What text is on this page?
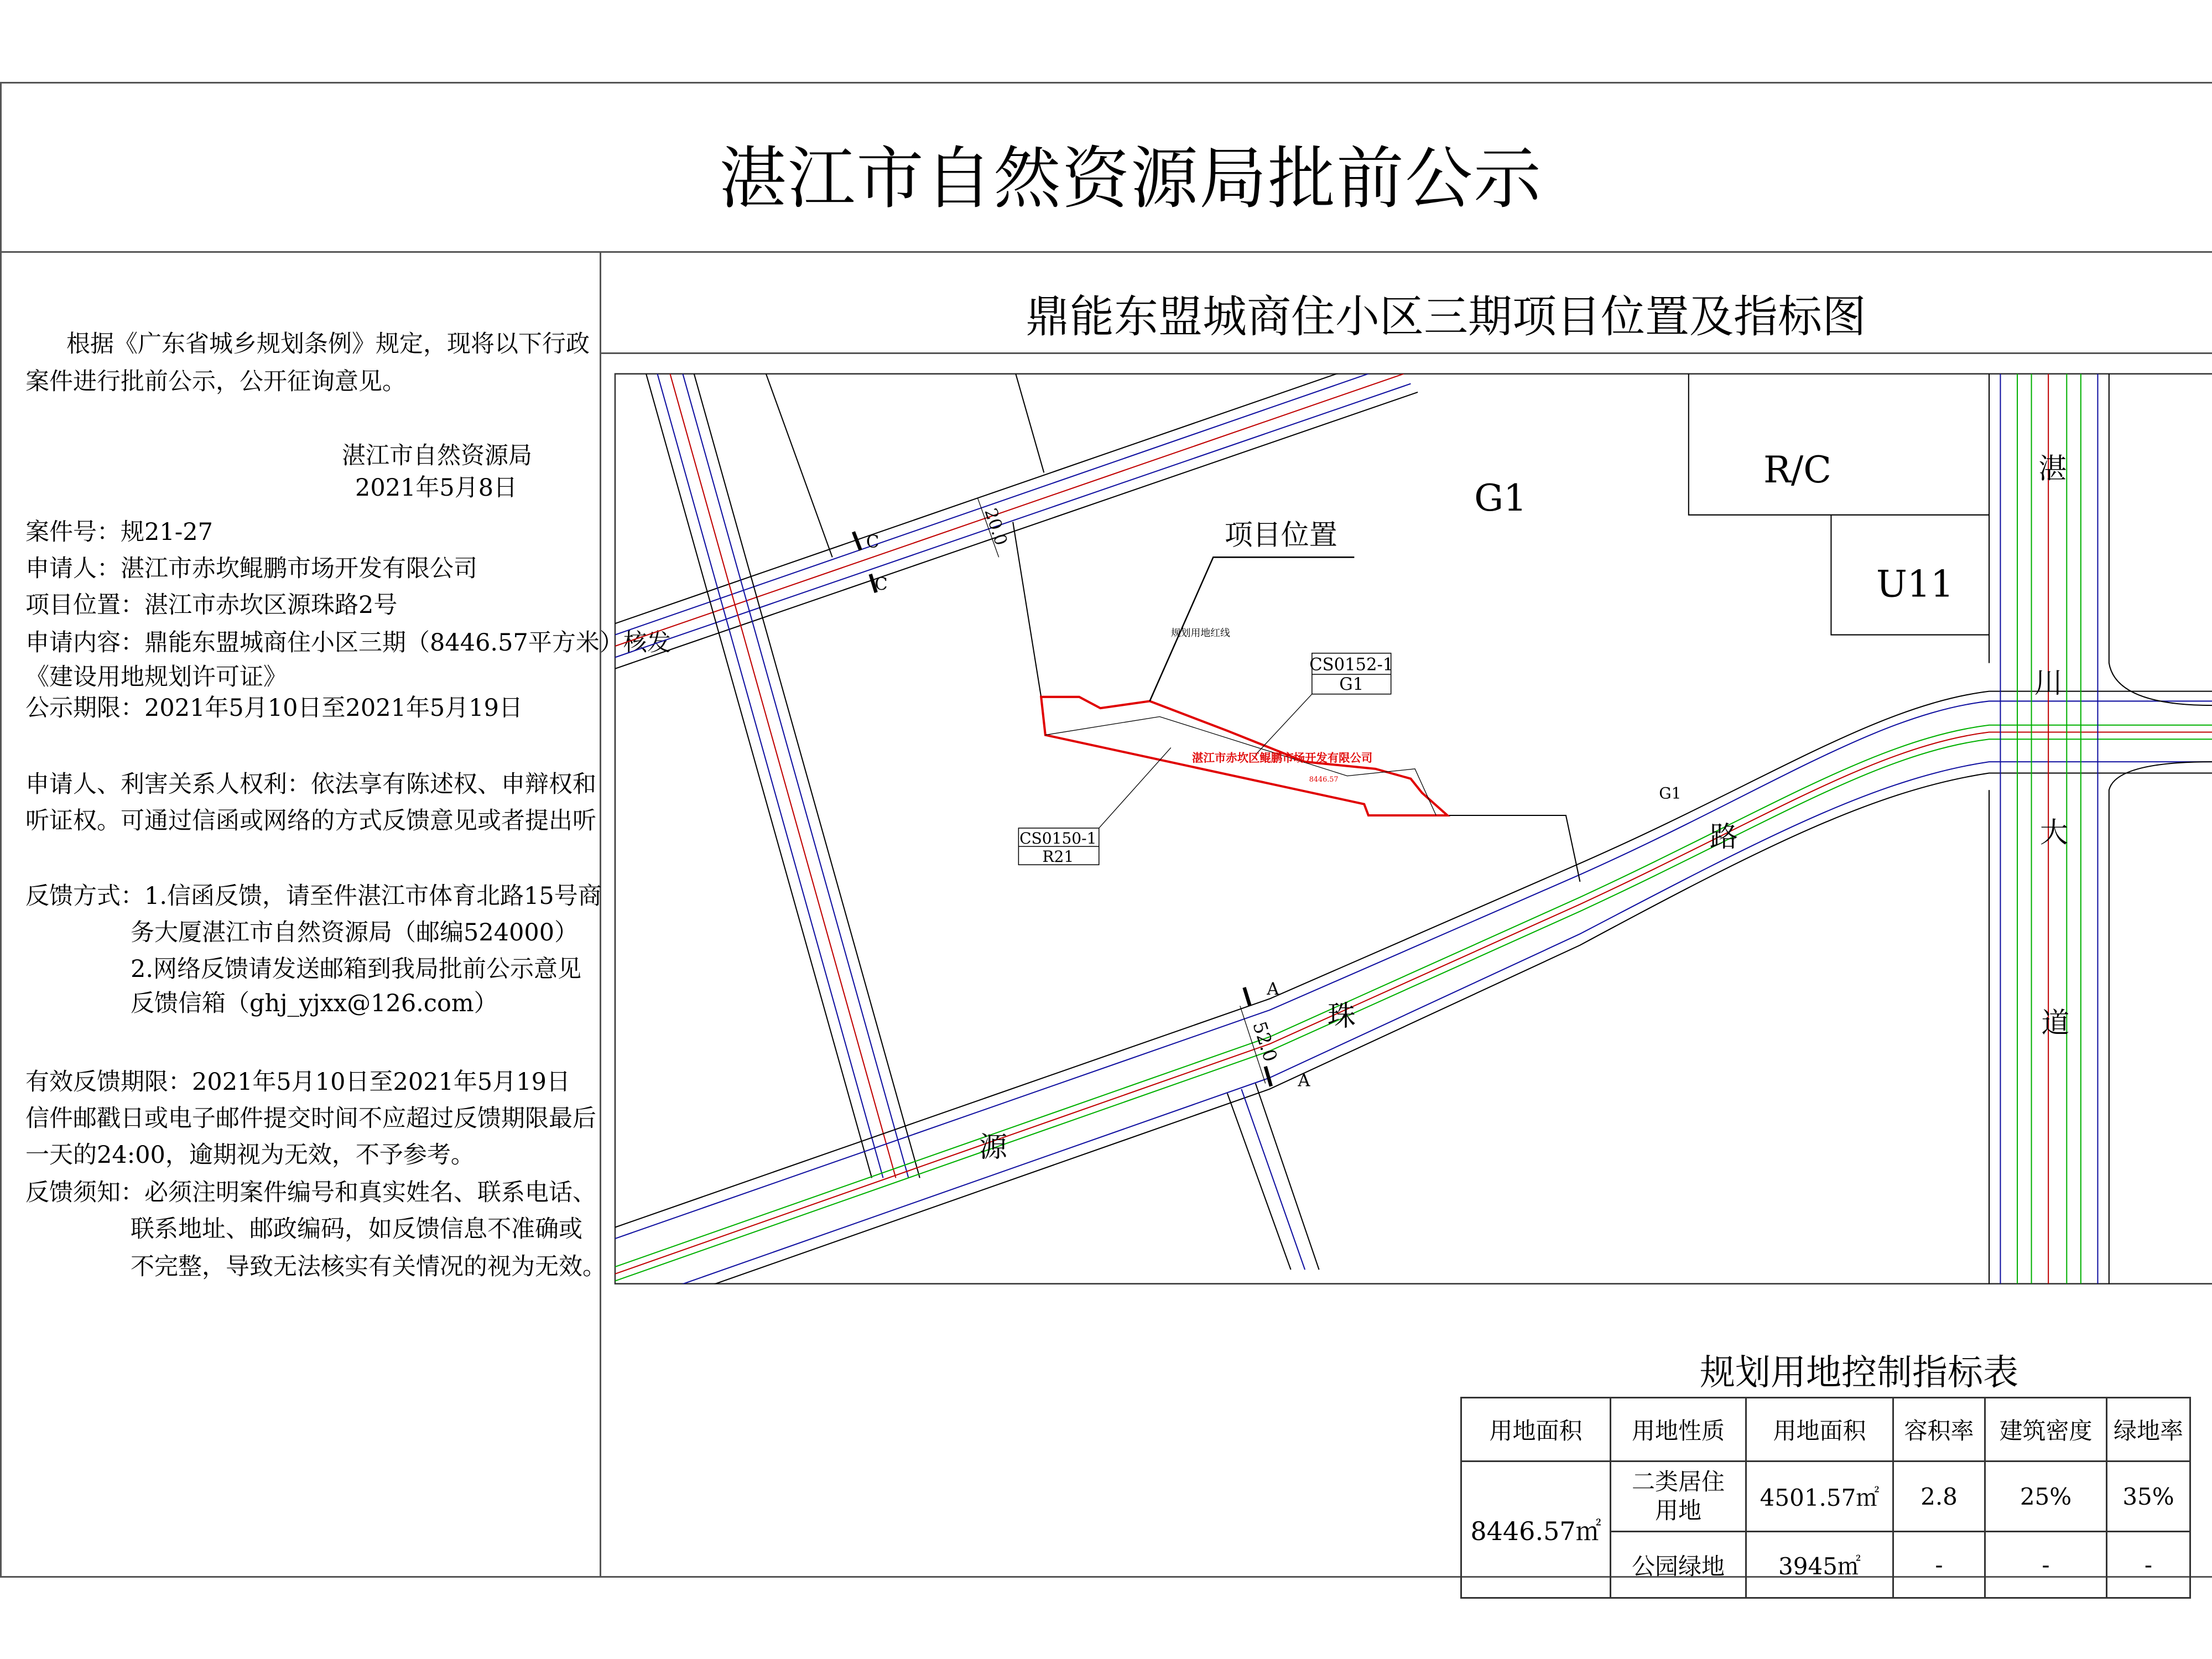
湛江市自然资源局批前公示
鼎能东盟城商住小区三期项目位置及指标图
根据《广东省城乡规划条例》规定，现将以下行政
案件进行批前公示，公开征询意见。
湛江市自然资源局
2021年5月8日
案件号：规21-27
申请人：湛江市赤坎鲲鹏市场开发有限公司
项目位置：湛江市赤坎区源珠路2号
申请内容：鼎能东盟城商住小区三期（8446.57平方米）核发
《建设用地规划许可证》
公示期限：2021年5月10日至2021年5月19日
申请人、利害关系人权利：依法享有陈述权、申辩权和
听证权。可通过信函或网络的方式反馈意见或者提出听
反馈方式：1.信函反馈，请至件湛江市体育北路15号商
务大厦湛江市自然资源局（邮编524000）
2.网络反馈请发送邮箱到我局批前公示意见
反馈信箱（ghj_yjxx@126.com）
有效反馈期限：2021年5月10日至2021年5月19日
信件邮戳日或电子邮件提交时间不应超过反馈期限最后
一天的24:00，逾期视为无效，不予参考。
反馈须知：必须注明案件编号和真实姓名、联系电话、
联系地址、邮政编码，如反馈信息不准确或
不完整，导致无法核实有关情况的视为无效。
C
C
A
A
20.0
52.0
项目位置
规划用地红线
湛江市赤坎区鲲鹏市场开发有限公司
8446.57
CS0152-1
G1
CS0150-1
R21
G1
G1
R/C
U11
源
珠
路
湛
川
大
道
规划用地控制指标表
用地面积	用地性质	用地面积	容积率	建筑密度	绿地率
8446.57㎡	二类居住用地	4501.57㎡	2.8	25%	35%
	公园绿地	3945㎡	-	-	-
